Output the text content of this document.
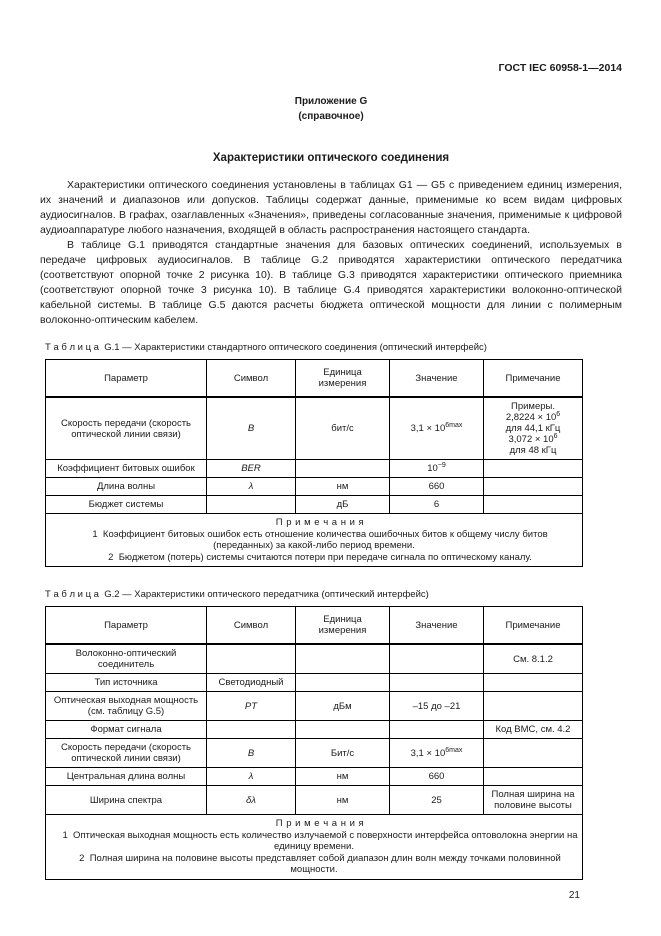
ГОСТ IEC 60958-1—2014
Приложение G
(справочное)
Характеристики оптического соединения

Характеристики оптического соединения установлены в таблицах G1 — G5 с приведением единиц измерения, их значений и диапазонов или допусков. Таблицы содержат данные, применимые ко всем видам цифровых аудиосигналов. В графах, озаглавленных «Значения», приведены согласованные значения, применимые к цифровой аудиоаппаратуре любого назначения, входящей в область распространения настоящего стандарта.

В таблице G.1 приводятся стандартные значения для базовых оптических соединений, используемых в передаче цифровых аудиосигналов. В таблице G.2 приводятся характеристики оптического передатчика (соответствуют опорной точке 2 рисунка 10). В таблице G.3 приводятся характеристики оптического приемника (соответствуют опорной точке 3 рисунка 10). В таблице G.4 приводятся характеристики волоконно-оптической кабельной системы. В таблице G.5 даются расчеты бюджета оптической мощности для линии с полимерным волоконно-оптическим кабелем.

Т а б л и ц а  G.1 — Характеристики стандартного оптического соединения (оптический интерфейс)
Параметр	Символ	Единица измерения	Значение	Примечание
Скорость передачи (скорость оптической линии связи)	B	бит/с	$3,1 \times 10^{6max}$	Примеры.
$2,8224 \times 10^6$
для 44,1 кГц
$3,072 \times 10^6$
для 48 кГц

Коэффициент битовых ошибок	BER		$10^{-9}$	
Длина волны	λ	нм	660	
Бюджет системы		дБ	6	

П р и м е ч а н и я
1  Коэффициент битовых ошибок есть отношение количества ошибочных битов к общему числу битов (переданных) за какой-либо период времени.
2  Бюджетом (потерь) системы считаются потери при передаче сигнала по оптическому каналу.				
Т а б л и ц а  G.2 — Характеристики оптического передатчика (оптический интерфейс)
Параметр	Символ	Единица измерения	Значение	Примечание
Волоконно-оптический соединитель				См. 8.1.2
Тип источника	Светодиодный			
Оптическая выходная мощность (см. таблицу G.5)	PT	дБм	–15 до –21	
Формат сигнала				Код ВМС, см. 4.2
Скорость передачи (скорость оптической линии связи)	B	Бит/с	$3,1 \times 10^{6max}$	
Центральная длина волны	λ	нм	660	
Ширина спектра	δλ	нм	25	Полная ширина на половине высоты

П р и м е ч а н и я
1  Оптическая выходная мощность есть количество излучаемой с поверхности интерфейса оптоволокна энергии на единицу времени.
2  Полная ширина на половине высоты представляет собой диапазон длин волн между точками половинной мощности.				
21
